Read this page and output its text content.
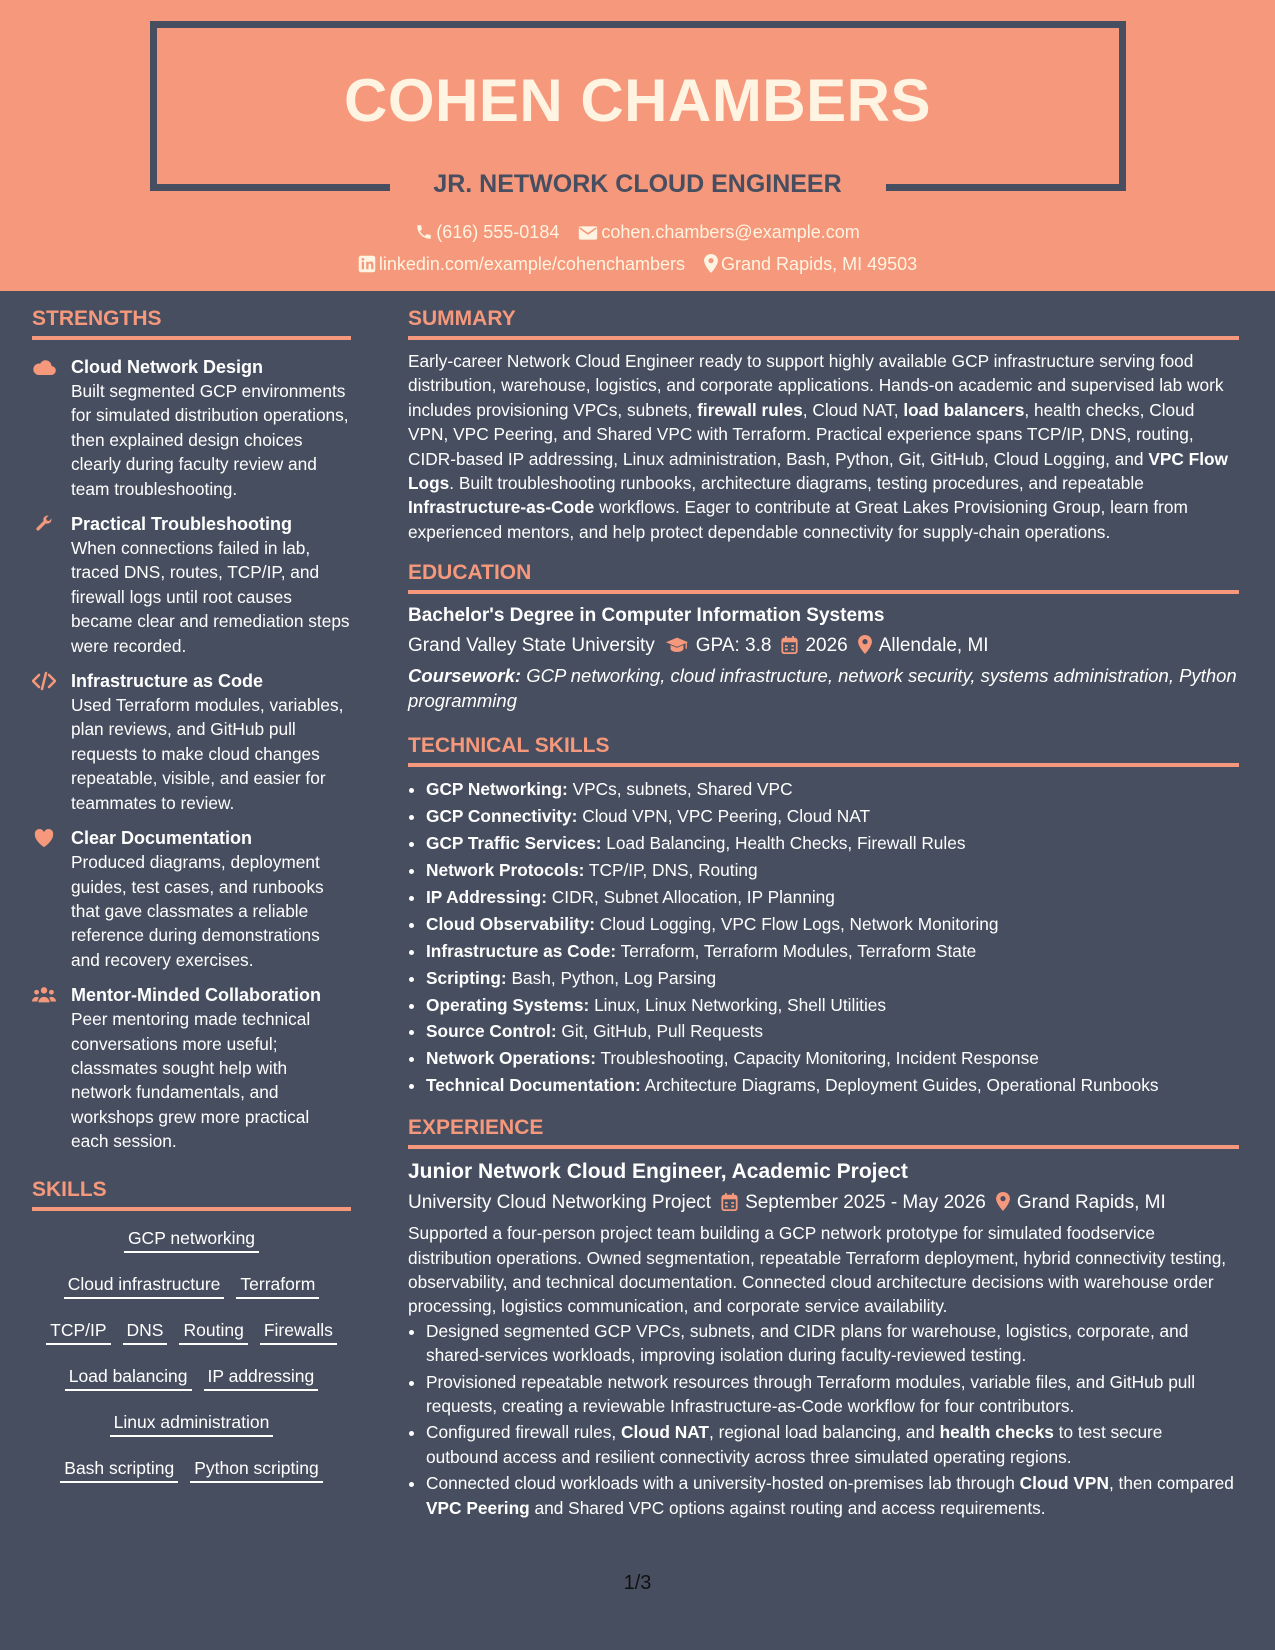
COHEN CHAMBERS
JR. NETWORK CLOUD ENGINEER
(616) 555-0184 cohen.chambers@example.com
linkedin.com/example/cohenchambers Grand Rapids, MI 49503
STRENGTHS
Cloud Network Design
Built segmented GCP environments for simulated distribution operations, then explained design choices clearly during faculty review and team troubleshooting.
Practical Troubleshooting
When connections failed in lab, traced DNS, routes, TCP/IP, and firewall logs until root causes became clear and remediation steps were recorded.
Infrastructure as Code
Used Terraform modules, variables, plan reviews, and GitHub pull requests to make cloud changes repeatable, visible, and easier for teammates to review.
Clear Documentation
Produced diagrams, deployment guides, test cases, and runbooks that gave classmates a reliable reference during demonstrations and recovery exercises.
Mentor-Minded Collaboration
Peer mentoring made technical conversations more useful; classmates sought help with network fundamentals, and workshops grew more practical each session.
SKILLS
GCP networking
Cloud infrastructure Terraform
TCP/IP DNS Routing Firewalls
Load balancing IP addressing
Linux administration
Bash scripting Python scripting
SUMMARY
Early-career Network Cloud Engineer ready to support highly available GCP infrastructure serving food distribution, warehouse, logistics, and corporate applications. Hands-on academic and supervised lab work includes provisioning VPCs, subnets, firewall rules, Cloud NAT, load balancers, health checks, Cloud VPN, VPC Peering, and Shared VPC with Terraform. Practical experience spans TCP/IP, DNS, routing, CIDR-based IP addressing, Linux administration, Bash, Python, Git, GitHub, Cloud Logging, and VPC Flow Logs. Built troubleshooting runbooks, architecture diagrams, testing procedures, and repeatable Infrastructure-as-Code workflows. Eager to contribute at Great Lakes Provisioning Group, learn from experienced mentors, and help protect dependable connectivity for supply-chain operations.
EDUCATION
Bachelor's Degree in Computer Information Systems
Grand Valley State University GPA: 3.8 2026 Allendale, MI
Coursework: GCP networking, cloud infrastructure, network security, systems administration, Python programming
TECHNICAL SKILLS
• GCP Networking: VPCs, subnets, Shared VPC
• GCP Connectivity: Cloud VPN, VPC Peering, Cloud NAT
• GCP Traffic Services: Load Balancing, Health Checks, Firewall Rules
• Network Protocols: TCP/IP, DNS, Routing
• IP Addressing: CIDR, Subnet Allocation, IP Planning
• Cloud Observability: Cloud Logging, VPC Flow Logs, Network Monitoring
• Infrastructure as Code: Terraform, Terraform Modules, Terraform State
• Scripting: Bash, Python, Log Parsing
• Operating Systems: Linux, Linux Networking, Shell Utilities
• Source Control: Git, GitHub, Pull Requests
• Network Operations: Troubleshooting, Capacity Monitoring, Incident Response
• Technical Documentation: Architecture Diagrams, Deployment Guides, Operational Runbooks
EXPERIENCE
Junior Network Cloud Engineer, Academic Project
University Cloud Networking Project September 2025 - May 2026 Grand Rapids, MI
Supported a four-person project team building a GCP network prototype for simulated foodservice distribution operations. Owned segmentation, repeatable Terraform deployment, hybrid connectivity testing, observability, and technical documentation. Connected cloud architecture decisions with warehouse order processing, logistics communication, and corporate service availability.
• Designed segmented GCP VPCs, subnets, and CIDR plans for warehouse, logistics, corporate, and shared-services workloads, improving isolation during faculty-reviewed testing.
• Provisioned repeatable network resources through Terraform modules, variable files, and GitHub pull requests, creating a reviewable Infrastructure-as-Code workflow for four contributors.
• Configured firewall rules, Cloud NAT, regional load balancing, and health checks to test secure outbound access and resilient connectivity across three simulated operating regions.
• Connected cloud workloads with a university-hosted on-premises lab through Cloud VPN, then compared VPC Peering and Shared VPC options against routing and access requirements.
1/3
